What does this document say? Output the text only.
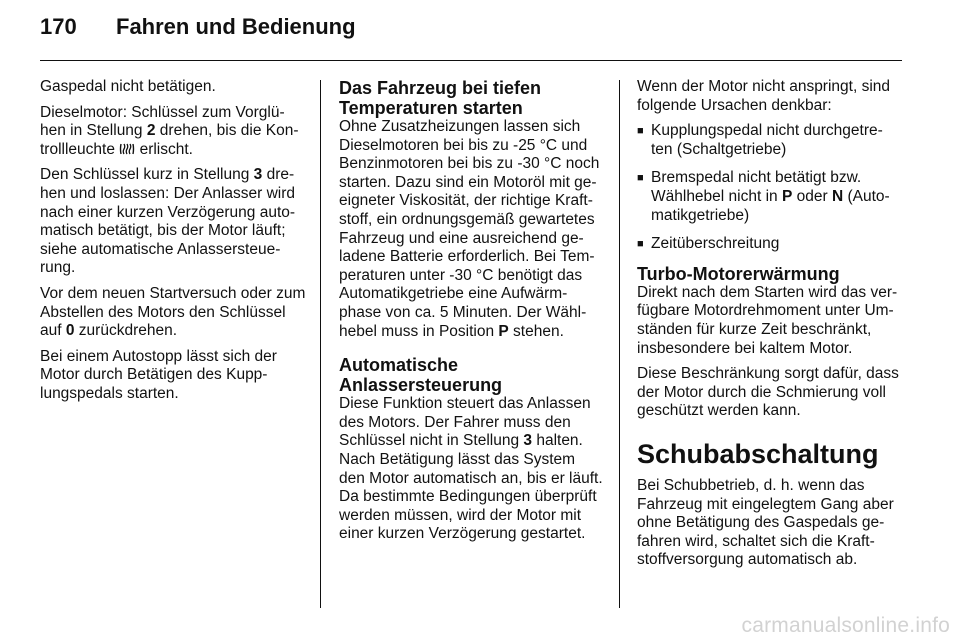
170	Fahren und Bedienung

Gaspedal nicht betätigen.

Dieselmotor: Schlüssel zum Vorglü-hen in Stellung 2 drehen, bis die Kon-trollleuchte  erlischt.

Den Schlüssel kurz in Stellung 3 dre-hen und loslassen: Der Anlasser wird nach einer kurzen Verzögerung auto-matisch betätigt, bis der Motor läuft; siehe automatische Anlassersteue-rung.

Vor dem neuen Startversuch oder zum Abstellen des Motors den Schlüssel auf 0 zurückdrehen.

Bei einem Autostopp lässt sich der Motor durch Betätigen des Kupp-lungspedals starten.

Das Fahrzeug bei tiefen Temperaturen starten

Ohne Zusatzheizungen lassen sich Dieselmotoren bei bis zu -25 °C und Benzinmotoren bei bis zu -30 °C noch starten. Dazu sind ein Motoröl mit ge-eigneter Viskosität, der richtige Kraft-stoff, ein ordnungsgemäß gewartetes Fahrzeug und eine ausreichend ge-ladene Batterie erforderlich. Bei Tem-peraturen unter -30 °C benötigt das Automatikgetriebe eine Aufwärm-phase von ca. 5 Minuten. Der Wähl-hebel muss in Position P stehen.

Automatische Anlassersteuerung

Diese Funktion steuert das Anlassen des Motors. Der Fahrer muss den Schlüssel nicht in Stellung 3 halten. Nach Betätigung lässt das System den Motor automatisch an, bis er läuft. Da bestimmte Bedingungen überprüft werden müssen, wird der Motor mit einer kurzen Verzögerung gestartet.

Wenn der Motor nicht anspringt, sind folgende Ursachen denkbar:

■ Kupplungspedal nicht durchgetre-ten (Schaltgetriebe)
■ Bremspedal nicht betätigt bzw. Wählhebel nicht in P oder N (Auto-matikgetriebe)
■ Zeitüberschreitung
Turbo-Motorerwärmung

Direkt nach dem Starten wird das ver-fügbare Motordrehmoment unter Um-ständen für kurze Zeit beschränkt, insbesondere bei kaltem Motor.

Diese Beschränkung sorgt dafür, dass der Motor durch die Schmierung voll geschützt werden kann.

Schubabschaltung

Bei Schubbetrieb, d. h. wenn das Fahrzeug mit eingelegtem Gang aber ohne Betätigung des Gaspedals ge-fahren wird, schaltet sich die Kraft-stoffversorgung automatisch ab.

carmanualsonline.info
